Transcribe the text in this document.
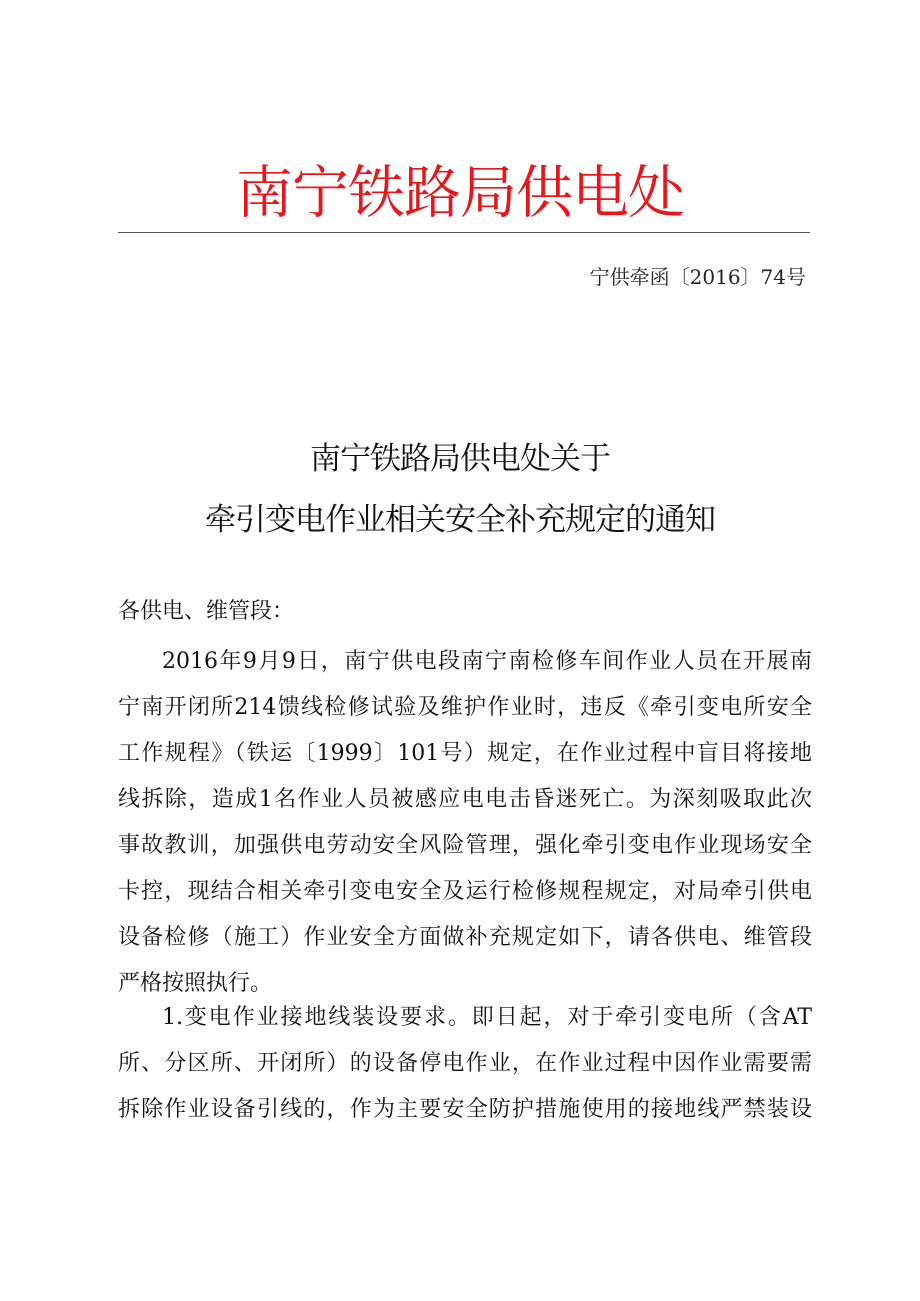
南宁铁路局供电处
宁供牵函〔2016〕74号
南宁铁路局供电处关于
牵引变电作业相关安全补充规定的通知
各供电、维管段：
2016年9月9日，南宁供电段南宁南检修车间作业人员在开展南
宁南开闭所214馈线检修试验及维护作业时，违反《牵引变电所安全
工作规程》（铁运〔1999〕101号）规定，在作业过程中盲目将接地
线拆除，造成1名作业人员被感应电电击昏迷死亡。为深刻吸取此次
事故教训，加强供电劳动安全风险管理，强化牵引变电作业现场安全
卡控，现结合相关牵引变电安全及运行检修规程规定，对局牵引供电
设备检修（施工）作业安全方面做补充规定如下，请各供电、维管段
严格按照执行。
1.变电作业接地线装设要求。即日起，对于牵引变电所（含AT
所、分区所、开闭所）的设备停电作业，在作业过程中因作业需要需
拆除作业设备引线的，作为主要安全防护措施使用的接地线严禁装设
